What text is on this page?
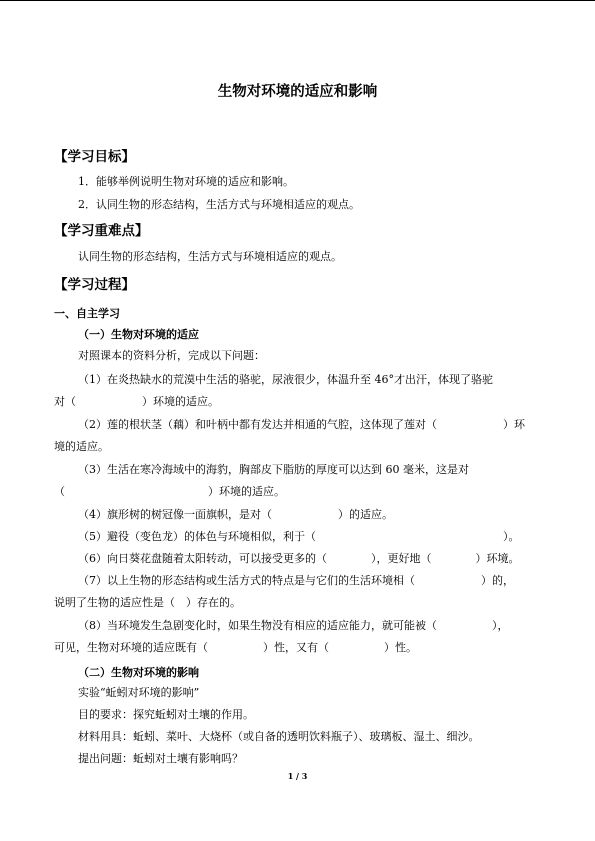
生物对环境的适应和影响
【学习目标】
1．能够举例说明生物对环境的适应和影响。
2．认同生物的形态结构，生活方式与环境相适应的观点。
【学习重难点】
认同生物的形态结构，生活方式与环境相适应的观点。
【学习过程】
一、自主学习
（一）生物对环境的适应
对照课本的资料分析，完成以下问题：
（1）在炎热缺水的荒漠中生活的骆驼，尿液很少，体温升至 46°才出汗，体现了骆驼
对（　　　　　　）环境的适应。
（2）莲的根状茎（藕）和叶柄中都有发达并相通的气腔，这体现了莲对（　　　　　　）环
境的适应。
（3）生活在寒冷海域中的海豹，胸部皮下脂肪的厚度可以达到 60 毫米，这是对
（　　　　　　　　　　　　　）环境的适应。
（4）旗形树的树冠像一面旗帜，是对（　　　　　　）的适应。
（5）避役（变色龙）的体色与环境相似，利于（　　　　　　　　　　　　　　　　　）。
（6）向日葵花盘随着太阳转动，可以接受更多的（　　　　），更好地（　　　　）环境。
（7）以上生物的形态结构或生活方式的特点是与它们的生活环境相（　　　　　　）的，
说明了生物的适应性是（　）存在的。
（8）当环境发生急剧变化时，如果生物没有相应的适应能力，就可能被（　　　　　），
可见，生物对环境的适应既有（　　　　　）性，又有（　　　　　）性。
（二）生物对环境的影响
实验“蚯蚓对环境的影响”
目的要求：探究蚯蚓对土壤的作用。
材料用具：蚯蚓、菜叶、大烧杯（或自备的透明饮料瓶子）、玻璃板、湿土、细沙。
提出问题：蚯蚓对土壤有影响吗？
1 / 3
